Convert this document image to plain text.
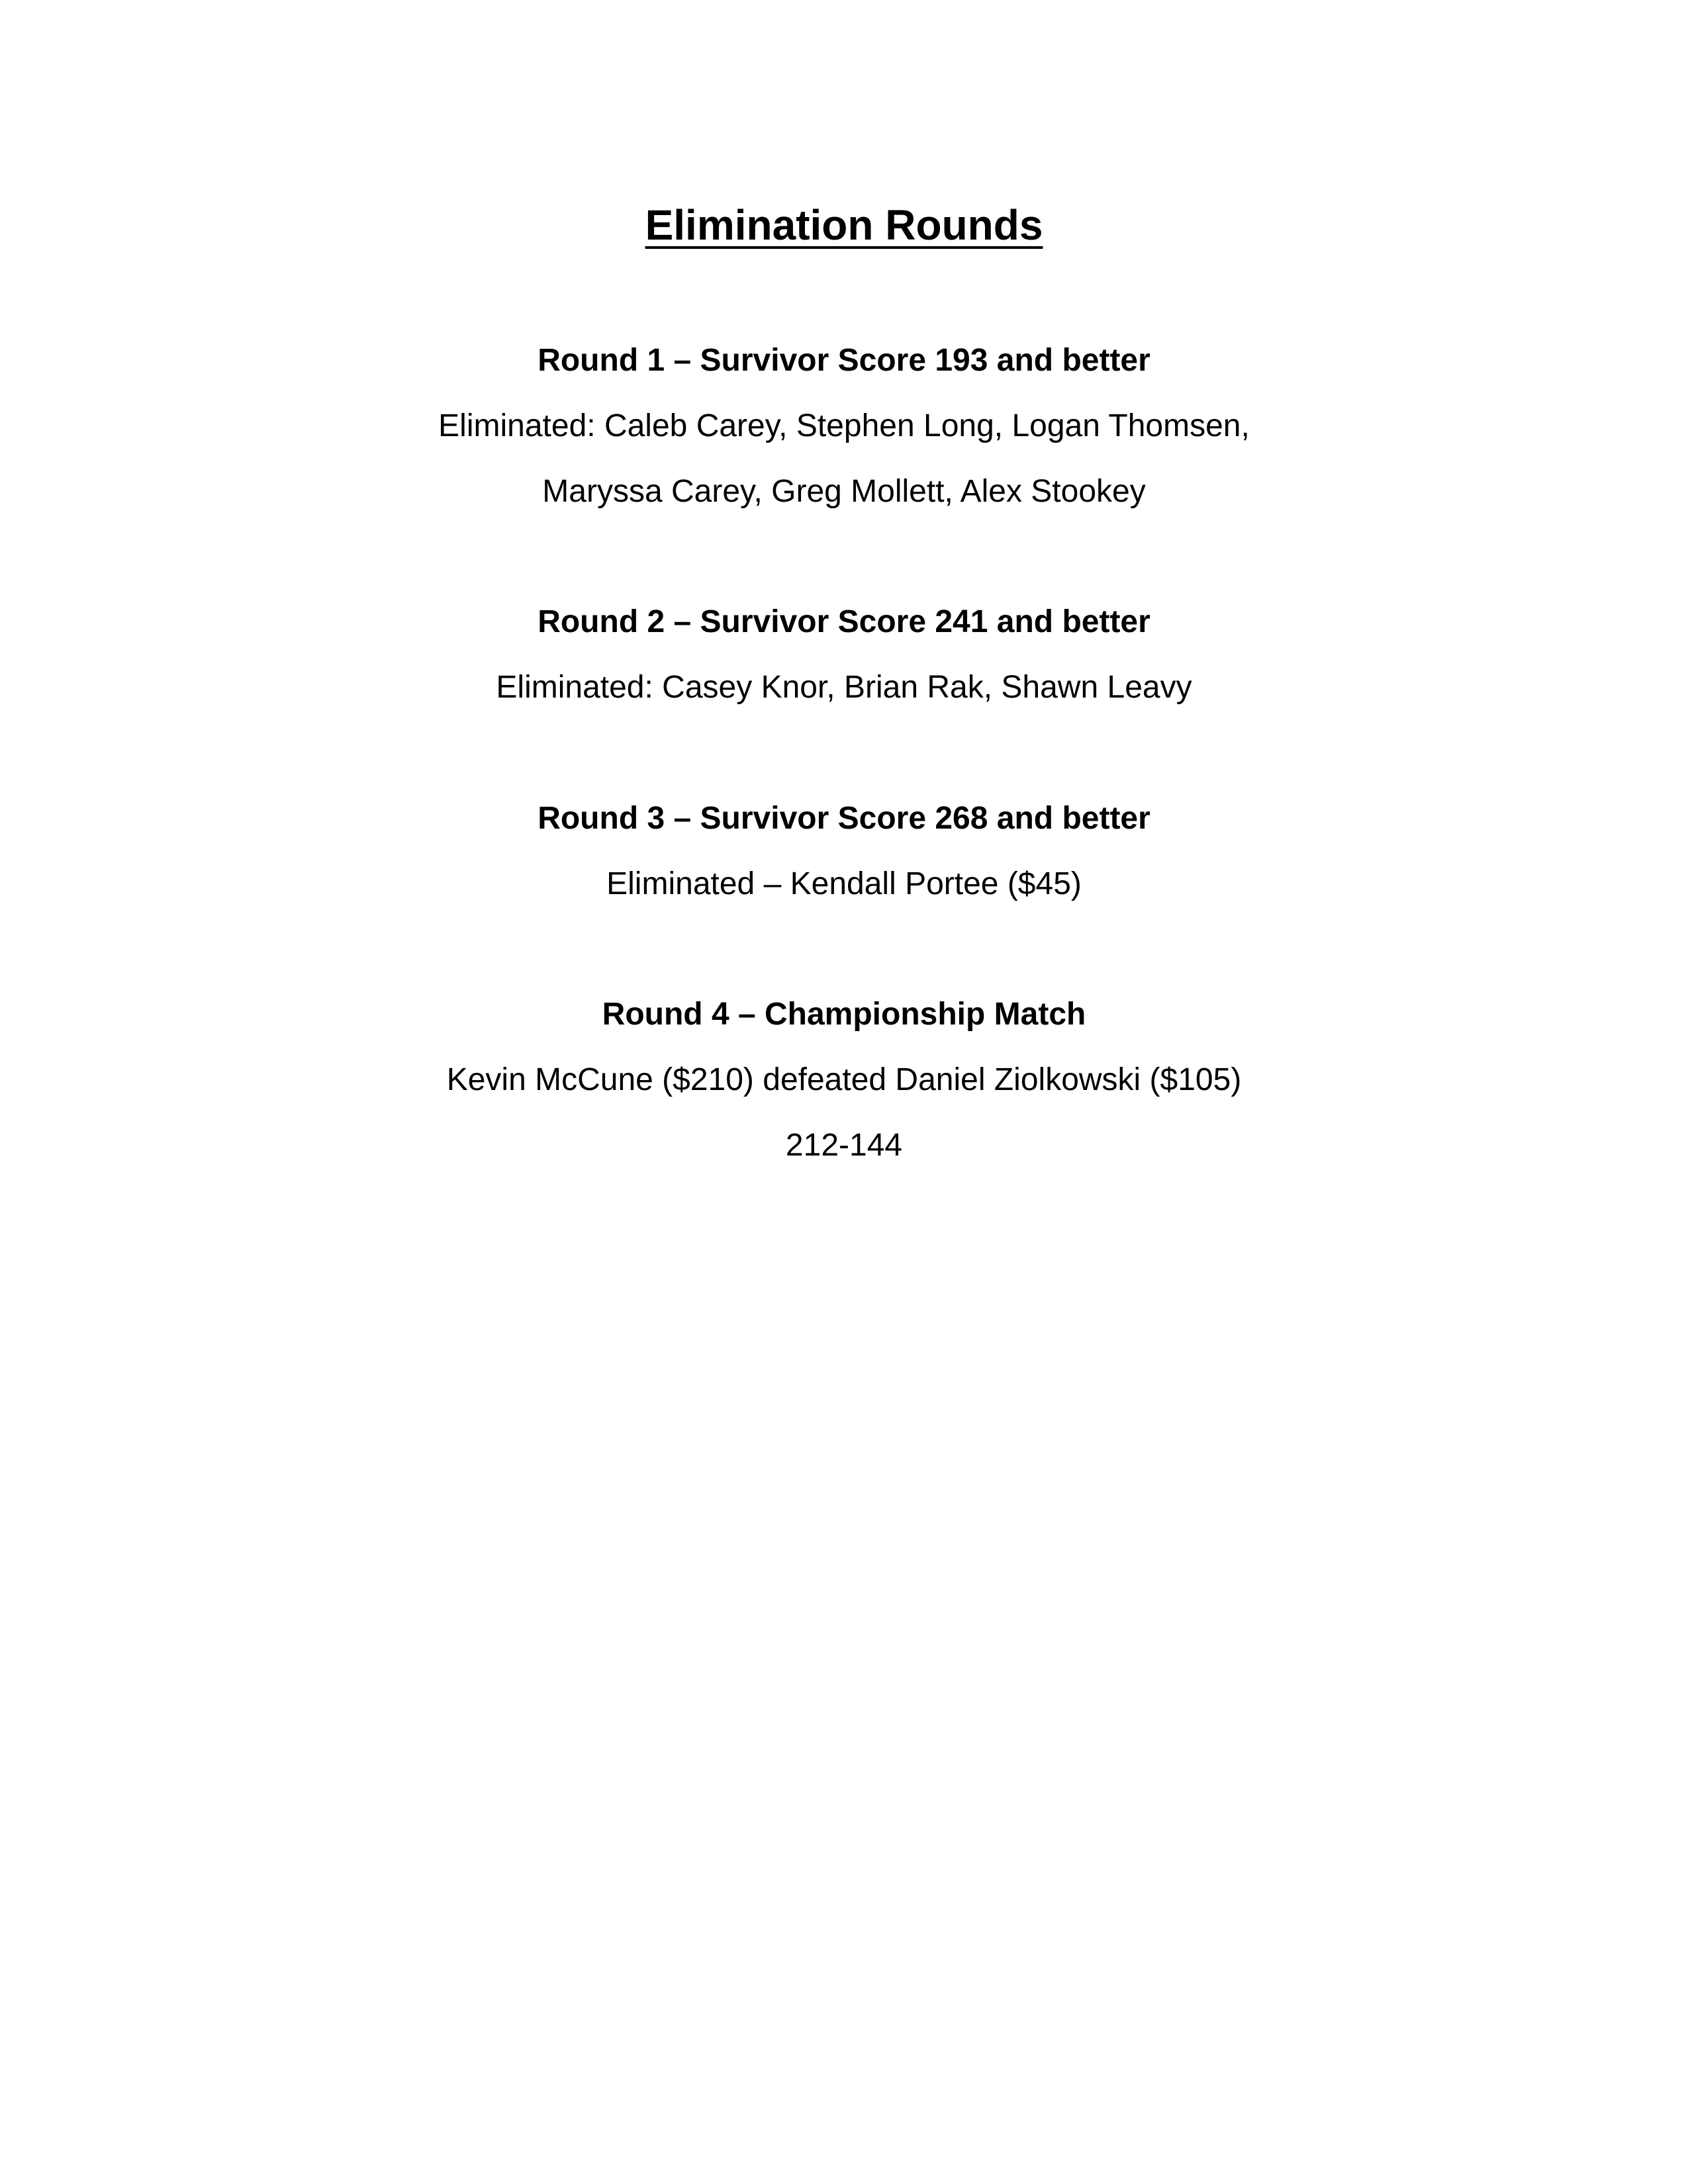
Elimination Rounds

Round 1 – Survivor Score 193 and better

Eliminated: Caleb Carey, Stephen Long, Logan Thomsen,

Maryssa Carey, Greg Mollett, Alex Stookey

Round 2 – Survivor Score 241 and better

Eliminated: Casey Knor, Brian Rak, Shawn Leavy

Round 3 – Survivor Score 268 and better

Eliminated – Kendall Portee ($45)

Round 4 – Championship Match

Kevin McCune ($210) defeated Daniel Ziolkowski ($105)

212-144
